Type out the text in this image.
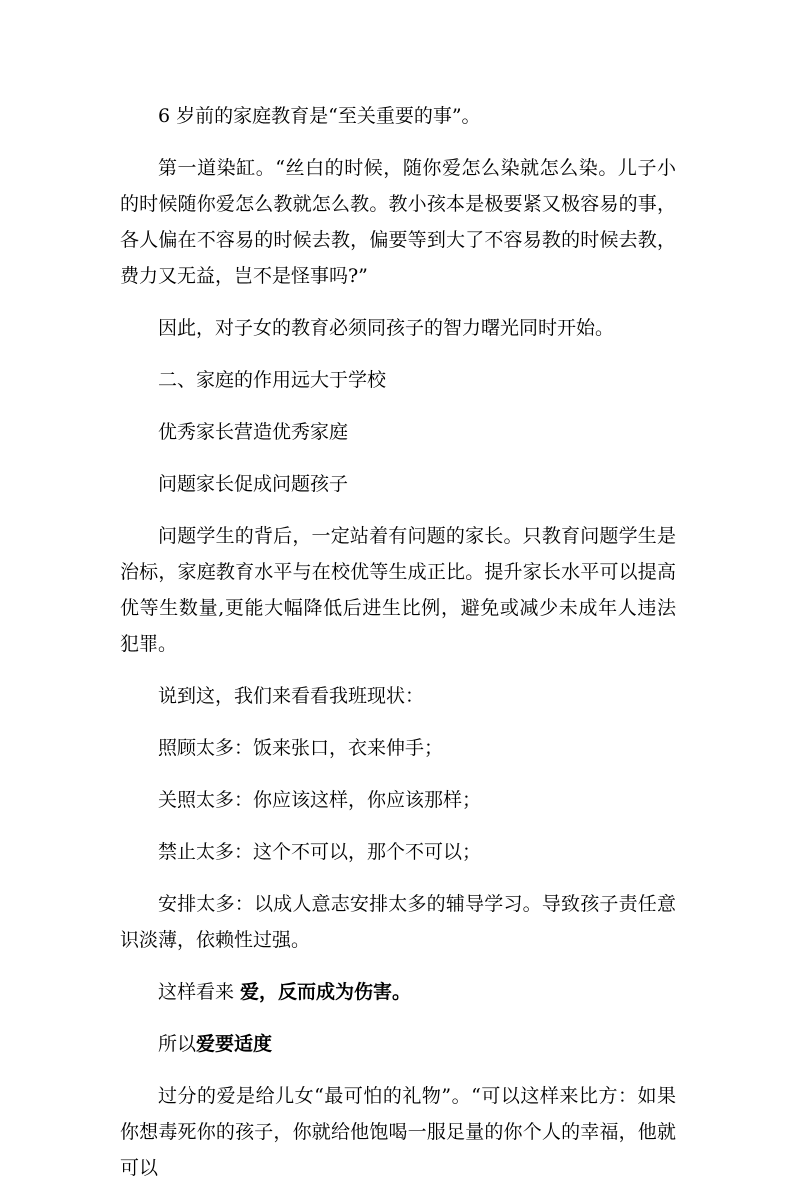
6 岁前的家庭教育是“至关重要的事”。

第一道染缸。“丝白的时候，随你爱怎么染就怎么染。儿子小的时候随你爱怎么教就怎么教。教小孩本是极要紧又极容易的事，各人偏在不容易的时候去教，偏要等到大了不容易教的时候去教，费力又无益，岂不是怪事吗?”

因此，对子女的教育必须同孩子的智力曙光同时开始。

二、家庭的作用远大于学校

优秀家长营造优秀家庭

问题家长促成问题孩子

问题学生的背后，一定站着有问题的家长。只教育问题学生是治标，家庭教育水平与在校优等生成正比。提升家长水平可以提高优等生数量,更能大幅降低后进生比例，避免或减少未成年人违法犯罪。

说到这，我们来看看我班现状：

照顾太多：饭来张口，衣来伸手；

关照太多：你应该这样，你应该那样；

禁止太多：这个不可以，那个不可以；

安排太多：以成人意志安排太多的辅导学习。导致孩子责任意识淡薄，依赖性过强。

这样看来 爱，反而成为伤害。

所以爱要适度

过分的爱是给儿女“最可怕的礼物”。“可以这样来比方：如果你想毒死你的孩子，你就给他饱喝一服足量的你个人的幸福，他就可以
